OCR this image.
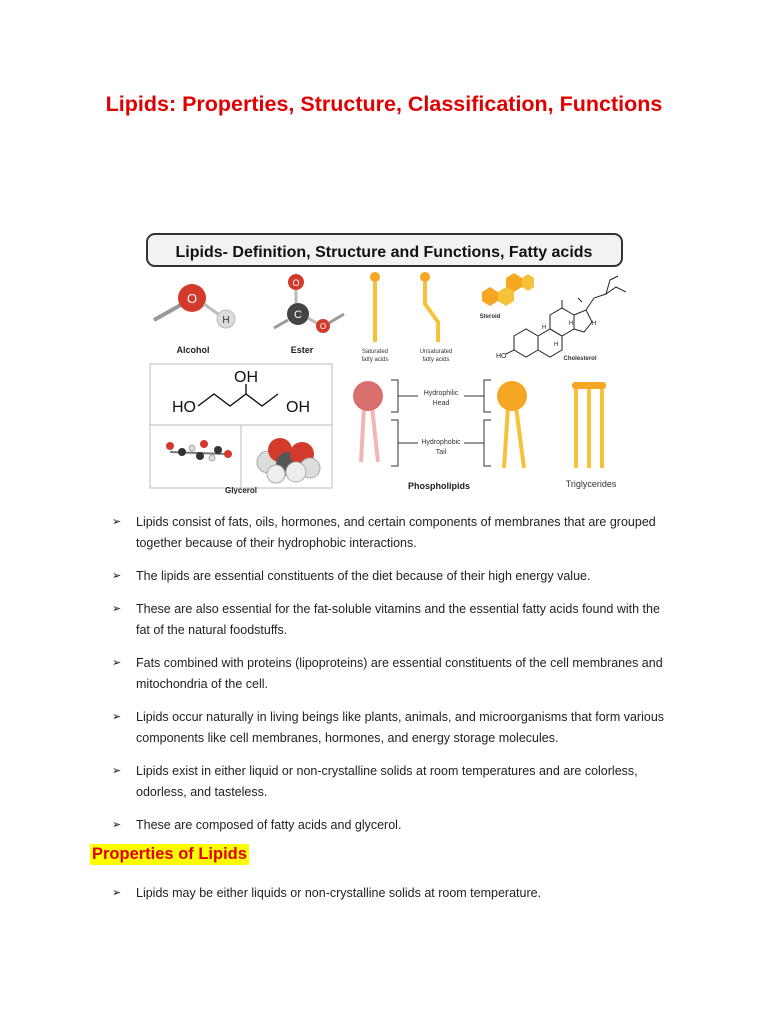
Lipids: Properties, Structure, Classification, Functions
Lipids- Definition, Structure and Functions, Fatty acids
O
H
Alcohol
O
C
O
Ester	Saturated
fatty acids
Unsaturated
fatty acids
Steroid
HO
H
H
H	H
Cholesterol
OH
HO	OH
Glycerol
Hydrophilic
Head
Hydrophobic
Tail
Phospholipids	Triglycerides
➢ Lipids consist of fats, oils, hormones, and certain components of membranes that are grouped together because of their hydrophobic interactions.
➢ The lipids are essential constituents of the diet because of their high energy value.
➢ These are also essential for the fat-soluble vitamins and the essential fatty acids found with the fat of the natural foodstuffs.
➢ Fats combined with proteins (lipoproteins) are essential constituents of the cell membranes and mitochondria of the cell.
➢ Lipids occur naturally in living beings like plants, animals, and microorganisms that form various components like cell membranes, hormones, and energy storage molecules.
➢ Lipids exist in either liquid or non-crystalline solids at room temperatures and are colorless, odorless, and tasteless.
➢ These are composed of fatty acids and glycerol.
Properties of Lipids
➢ Lipids may be either liquids or non-crystalline solids at room temperature.
